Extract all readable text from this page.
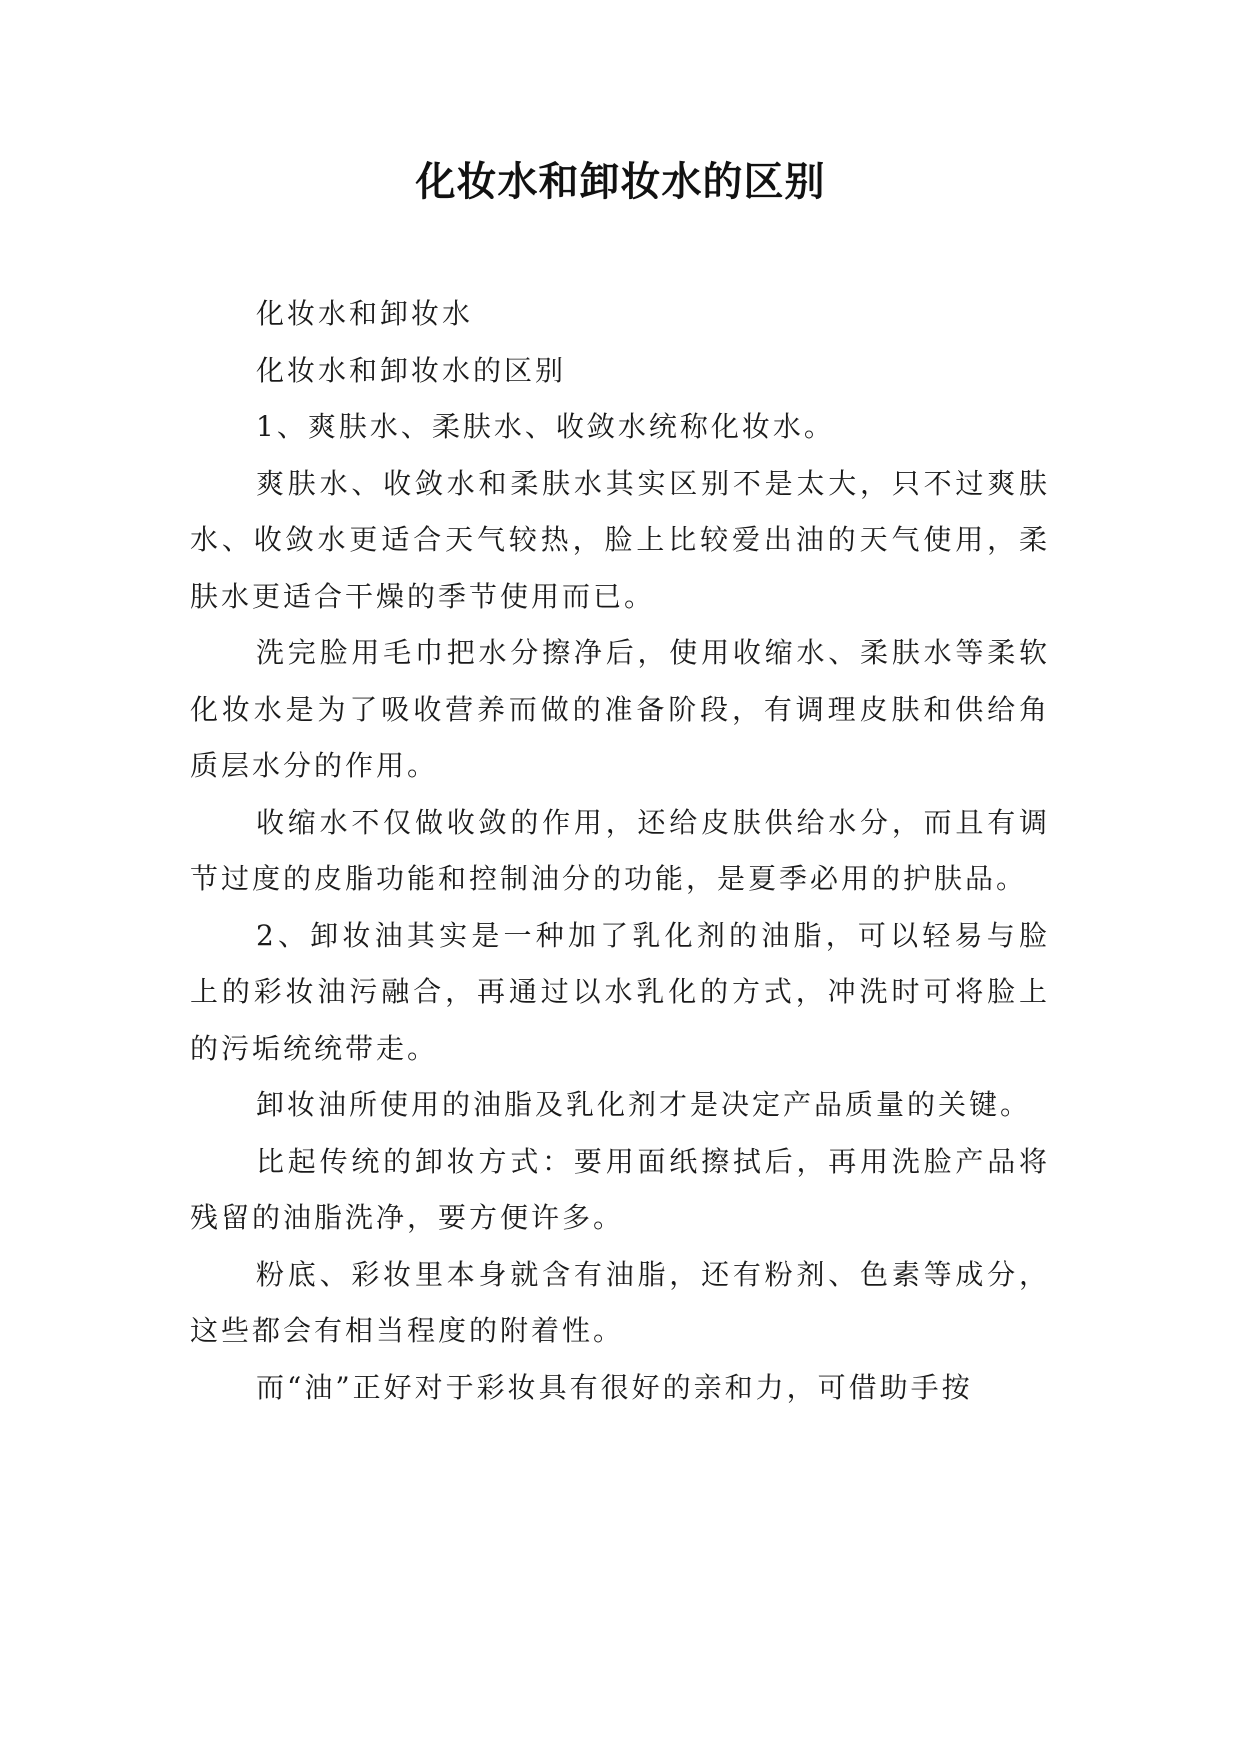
化妆水和卸妆水的区别

化妆水和卸妆水

化妆水和卸妆水的区别

1、爽肤水、柔肤水、收敛水统称化妆水。

爽肤水、收敛水和柔肤水其实区别不是太大，只不过爽肤水、收敛水更适合天气较热，脸上比较爱出油的天气使用，柔肤水更适合干燥的季节使用而已。

洗完脸用毛巾把水分擦净后，使用收缩水、柔肤水等柔软化妆水是为了吸收营养而做的准备阶段，有调理皮肤和供给角质层水分的作用。

收缩水不仅做收敛的作用，还给皮肤供给水分，而且有调节过度的皮脂功能和控制油分的功能，是夏季必用的护肤品。

2、卸妆油其实是一种加了乳化剂的油脂，可以轻易与脸上的彩妆油污融合，再通过以水乳化的方式，冲洗时可将脸上的污垢统统带走。

卸妆油所使用的油脂及乳化剂才是决定产品质量的关键。

比起传统的卸妆方式：要用面纸擦拭后，再用洗脸产品将残留的油脂洗净，要方便许多。

粉底、彩妆里本身就含有油脂，还有粉剂、色素等成分，这些都会有相当程度的附着性。

而“油”正好对于彩妆具有很好的亲和力，可借助手按
